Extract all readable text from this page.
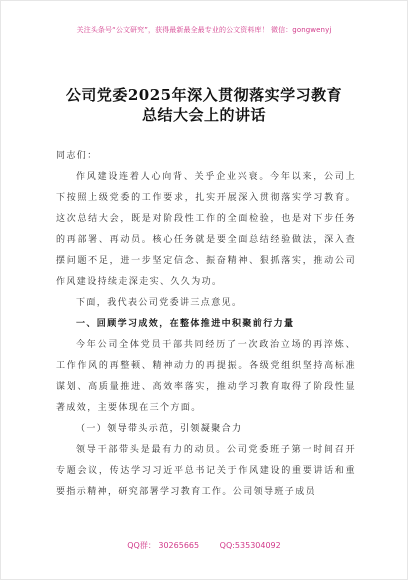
关注头条号“公文研究”，获得最新最全最专业的公文资料库！ 微信：gongwenyj
公司党委2025年深入贯彻落实学习教育
总结大会上的讲话

同志们：

作风建设连着人心向背、关乎企业兴衰。今年以来，公司上下按照上级党委的工作要求，扎实开展深入贯彻落实学习教育。这次总结大会，既是对阶段性工作的全面检验，也是对下步任务的再部署、再动员。核心任务就是要全面总结经验做法，深入查摆问题不足，进一步坚定信念、振奋精神、狠抓落实，推动公司作风建设持续走深走实、久久为功。

下面，我代表公司党委讲三点意见。

一、回顾学习成效，在整体推进中积聚前行力量

今年公司全体党员干部共同经历了一次政治立场的再淬炼、工作作风的再整顿、精神动力的再提振。各级党组织坚持高标准谋划、高质量推进、高效率落实，推动学习教育取得了阶段性显著成效，主要体现在三个方面。

（一）领导带头示范，引领凝聚合力

领导干部带头是最有力的动员。公司党委班子第一时间召开专题会议，传达学习习近平总书记关于作风建设的重要讲话和重要指示精神，研究部署学习教育工作。公司领导班子成员

QQ群： 30265665	QQ:535304092
